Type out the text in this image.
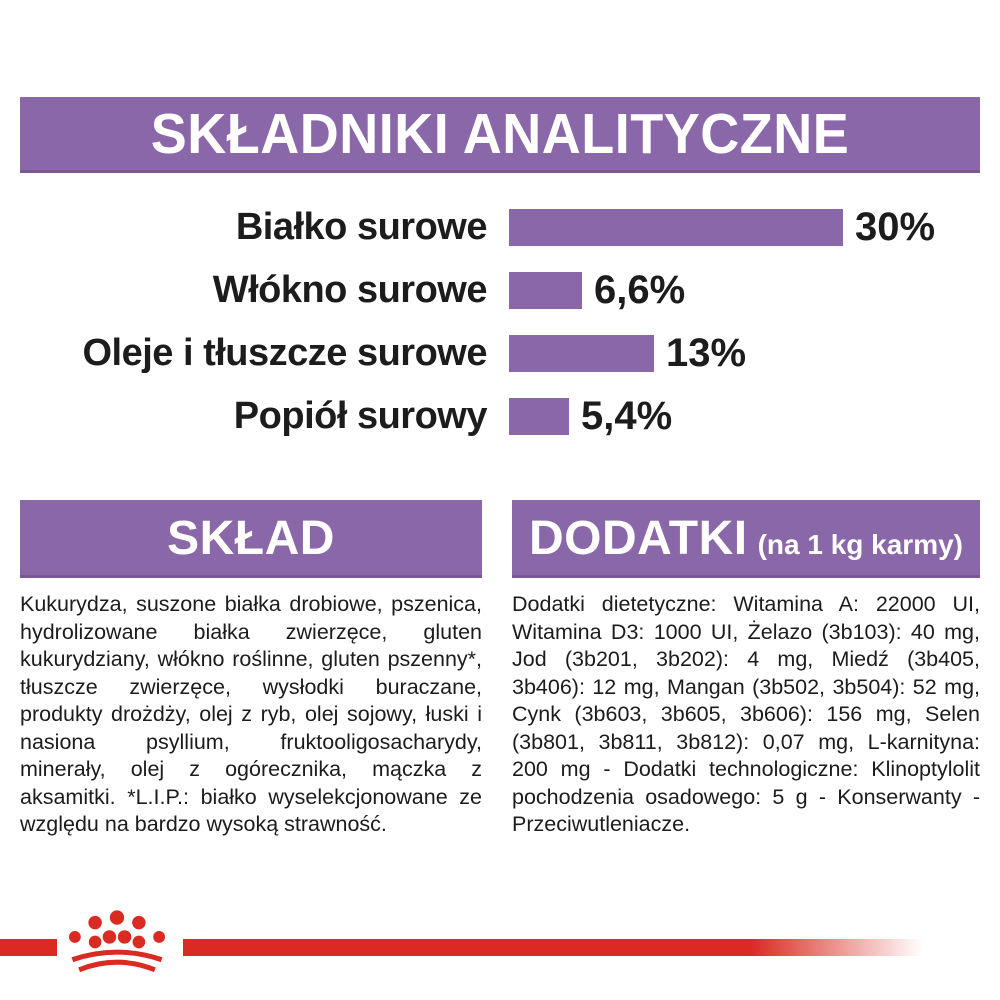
SKŁADNIKI ANALITYCZNE
Białko surowe	30%
Włókno surowe	6,6%
Oleje i tłuszcze surowe	13%
Popiół surowy 5,4%
SKŁAD
Kukurydza, suszone białka drobiowe, pszenica, hydrolizowane białka zwierzęce, gluten kukurydziany, włókno roślinne, gluten pszenny*, tłuszcze zwierzęce, wysłodki buraczane, produkty drożdży, olej z ryb, olej sojowy, łuski i nasiona psyllium, fruktooligosacharydy, minerały, olej z ogórecznika, mączka z aksamitki. *L.I.P.: białko wyselekcjonowane ze względu na bardzo wysoką strawność.
DODATKI (na 1 kg karmy)
Dodatki dietetyczne: Witamina A: 22000 UI, Witamina D3: 1000 UI, Żelazo (3b103): 40 mg, Jod (3b201, 3b202): 4 mg, Miedź (3b405, 3b406): 12 mg, Mangan (3b502, 3b504): 52 mg, Cynk (3b603, 3b605, 3b606): 156 mg, Selen (3b801, 3b811, 3b812): 0,07 mg, L-karnityna: 200 mg - Dodatki technologiczne: Klinoptylolit pochodzenia osadowego: 5 g - Konserwanty - Przeciwutleniacze.
